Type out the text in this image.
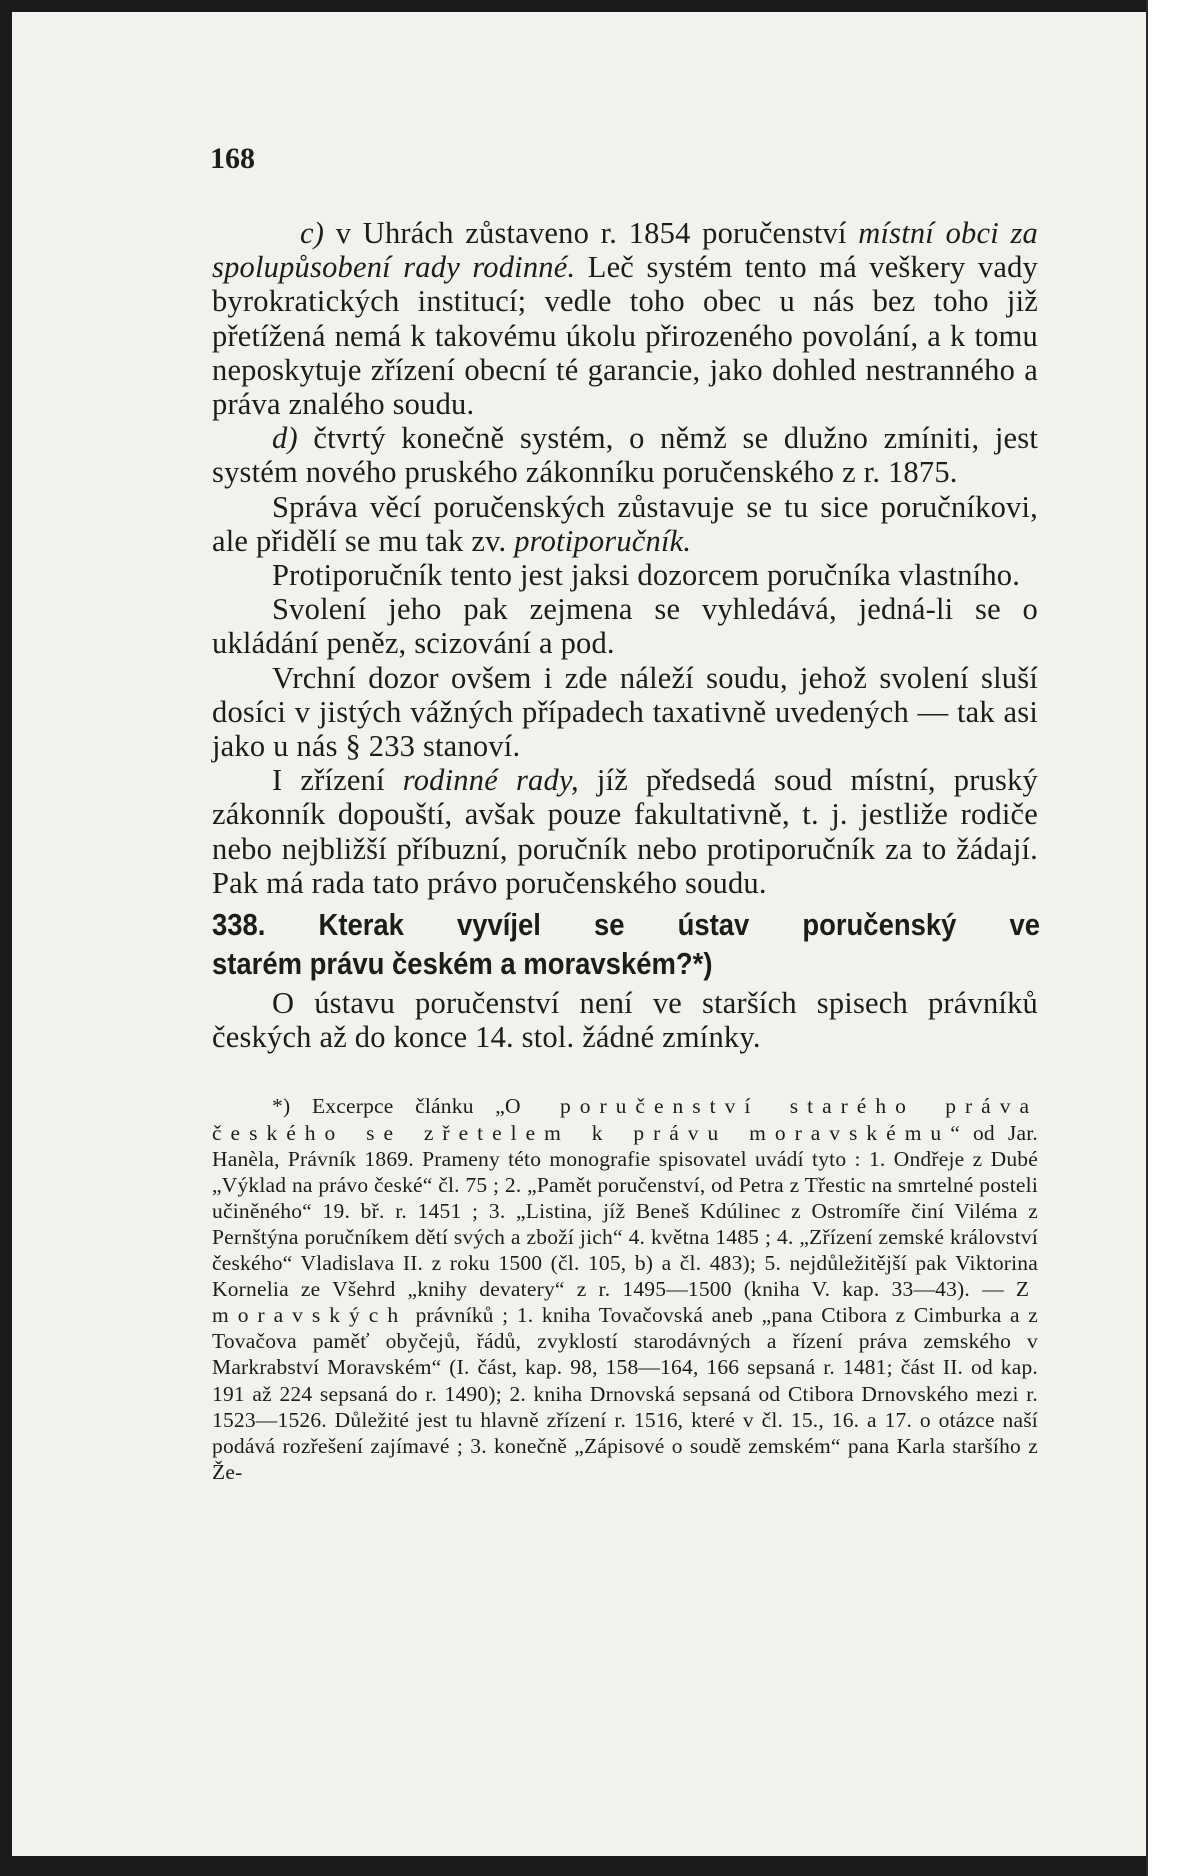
168

c) v Uhrách zůstaveno r. 1854 poručenství místní obci za spolupůsobení rady rodinné. Leč systém tento má veškery vady byrokratických institucí; vedle toho obec u nás bez toho již přetížená nemá k takovému úkolu přirozeného povolání, a k tomu neposkytuje zřízení obecní té garancie, jako dohled nestranného a práva znalého soudu.

d) čtvrtý konečně systém, o němž se dlužno zmíniti, jest systém nového pruského zákonníku poručenského z r. 1875.

Správa věcí poručenských zůstavuje se tu sice poručníkovi, ale přidělí se mu tak zv. protiporučník.

Protiporučník tento jest jaksi dozorcem poručníka vlastního.

Svolení jeho pak zejmena se vyhledává, jedná-li se o ukládání peněz, scizování a pod.

Vrchní dozor ovšem i zde náleží soudu, jehož svolení sluší dosíci v jistých vážných případech taxativně uvedených — tak asi jako u nás § 233 stanoví.

I zřízení rodinné rady, jíž předsedá soud místní, pruský zákonník dopouští, avšak pouze fakultativně, t. j. jestliže rodiče nebo nejbližší příbuzní, poručník nebo protiporučník za to žádají. Pak má rada tato právo poručenského soudu.

338. Kterak vyvíjel se ústav poručenský ve
starém právu českém a moravském?*)

O ústavu poručenství není ve starších spisech právníků českých až do konce 14. stol. žádné zmínky.

*) Excerpce článku „O poručenství starého práva českého se zřetelem k právu moravskému“ od Jar. Hanèla, Právník 1869. Prameny této monografie spisovatel uvádí tyto : 1. Ondřeje z Dubé „Výklad na právo české“ čl. 75 ; 2. „Pamět poručenství, od Petra z Třestic na smrtelné posteli učiněného“ 19. bř. r. 1451 ; 3. „Listina, jíž Beneš Kdúlinec z Ostromíře činí Viléma z Pernštýna poručníkem dětí svých a zboží jich“ 4. května 1485 ; 4. „Zřízení zemské království českého“ Vladislava II. z roku 1500 (čl. 105, b) a čl. 483); 5. nejdůležitější pak Viktorina Kornelia ze Všehrd „knihy devatery“ z r. 1495—1500 (kniha V. kap. 33—43). — Z moravských právníků ; 1. kniha Tovačovská aneb „pana Ctibora z Cimburka a z Tovačova paměť obyčejů, řádů, zvyklostí starodávných a řízení práva zemského v Markrabství Moravském“ (I. část, kap. 98, 158—164, 166 sepsaná r. 1481; část II. od kap. 191 až 224 sepsaná do r. 1490); 2. kniha Drnovská sepsaná od Ctibora Drnovského mezi r. 1523—1526. Důležité jest tu hlavně zřízení r. 1516, které v čl. 15., 16. a 17. o otázce naší podává rozřešení zajímavé ; 3. konečně „Zápisové o soudě zemském“ pana Karla staršího z Že-
